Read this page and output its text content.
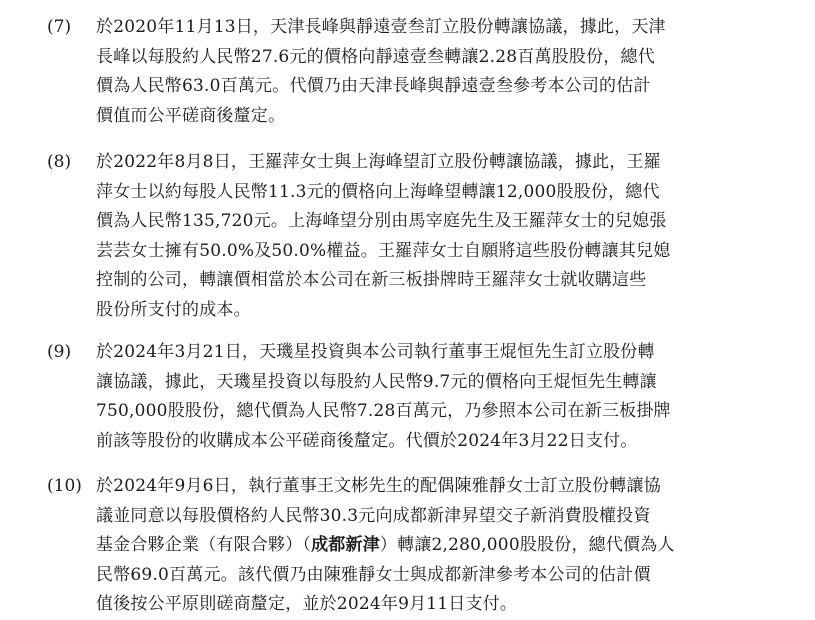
(7) 於2020年11月13日，天津長峰與靜遠壹叁訂立股份轉讓協議，據此，天津
長峰以每股約人民幣27.6元的價格向靜遠壹叁轉讓2.28百萬股股份，總代
價為人民幣63.0百萬元。代價乃由天津長峰與靜遠壹叁參考本公司的估計
價值而公平磋商後釐定。
(8) 於2022年8月8日，王羅萍女士與上海峰望訂立股份轉讓協議，據此，王羅
萍女士以約每股人民幣11.3元的價格向上海峰望轉讓12,000股股份，總代
價為人民幣135,720元。上海峰望分別由馬宰庭先生及王羅萍女士的兒媳張
芸芸女士擁有50.0%及50.0%權益。王羅萍女士自願將這些股份轉讓其兒媳
控制的公司，轉讓價相當於本公司在新三板掛牌時王羅萍女士就收購這些
股份所支付的成本。
(9) 於2024年3月21日，天璣星投資與本公司執行董事王焜恒先生訂立股份轉
讓協議，據此，天璣星投資以每股約人民幣9.7元的價格向王焜恒先生轉讓
750,000股股份，總代價為人民幣7.28百萬元，乃參照本公司在新三板掛牌
前該等股份的收購成本公平磋商後釐定。代價於2024年3月22日支付。
(10) 於2024年9月6日，執行董事王文彬先生的配偶陳雅靜女士訂立股份轉讓協
議並同意以每股價格約人民幣30.3元向成都新津昇望交子新消費股權投資
基金合夥企業（有限合夥）（成都新津）轉讓2,280,000股股份，總代價為人
民幣69.0百萬元。該代價乃由陳雅靜女士與成都新津參考本公司的估計價
值後按公平原則磋商釐定，並於2024年9月11日支付。
